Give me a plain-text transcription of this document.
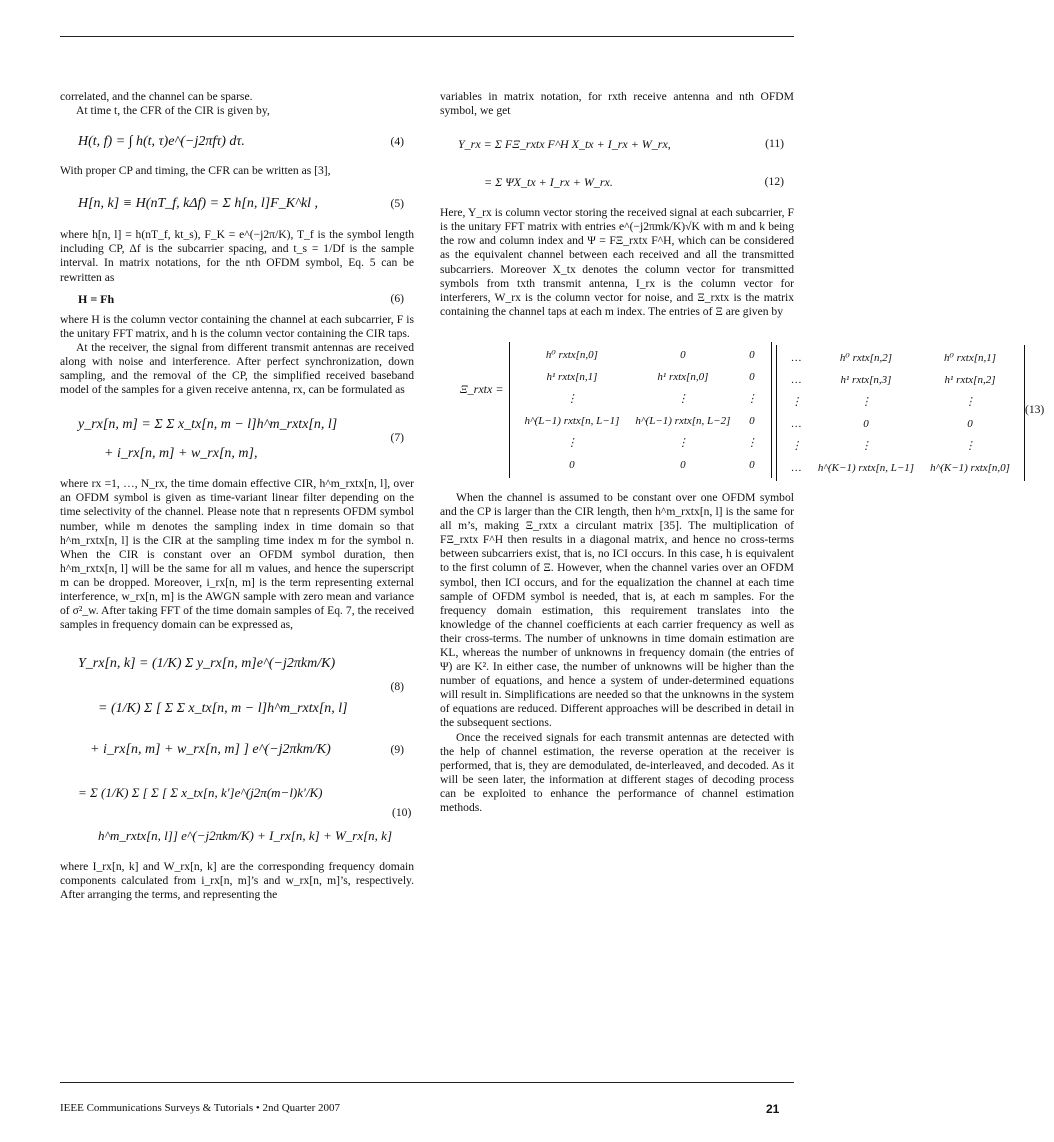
correlated, and the channel can be sparse.

At time t, the CFR of the CIR is given by,

H(t, f) = ∫ h(t, τ)e^(−j2πfτ) dτ.	(4)

With proper CP and timing, the CFR can be written as [3],

H[n, k] ≡ H(nT_f, kΔf) = Σ h[n, l]F_K^kl ,	(5)

where h[n, l] = h(nT_f, kt_s), F_K = e^(−j2π/K), T_f is the symbol length including CP, Δf is the subcarrier spacing, and t_s = 1/Df is the sample interval. In matrix notations, for the nth OFDM symbol, Eq. 5 can be rewritten as

H = Fh	(6)

where H is the column vector containing the channel at each subcarrier, F is the unitary FFT matrix, and h is the column vector containing the CIR taps.

At the receiver, the signal from different transmit antennas are received along with noise and interference. After perfect synchronization, down sampling, and the removal of the CP, the simplified received baseband model of the samples for a given receive antenna, rx, can be formulated as

y_rx[n, m] = Σ Σ x_tx[n, m − l]h^m_rxtx[n, l]
+ i_rx[n, m] + w_rx[n, m],
(7)

where rx =1, …, N_rx, the time domain effective CIR, h^m_rxtx[n, l], over an OFDM symbol is given as time-variant linear filter depending on the time selectivity of the channel. Please note that n represents OFDM symbol number, while m denotes the sampling index in time domain so that h^m_rxtx[n, l] is the CIR at the sampling time index m for the symbol n. When the CIR is constant over an OFDM symbol duration, then h^m_rxtx[n, l] will be the same for all m values, and hence the superscript m can be dropped. Moreover, i_rx[n, m] is the term representing external interference, w_rx[n, m] is the AWGN sample with zero mean and variance of σ²_w. After taking FFT of the time domain samples of Eq. 7, the received samples in frequency domain can be expressed as,

Y_rx[n, k] = (1/K) Σ y_rx[n, m]e^(−j2πkm/K)
= (1/K) Σ [ Σ Σ x_tx[n, m − l]h^m_rxtx[n, l]
(8)
+ i_rx[n, m] + w_rx[n, m] ] e^(−j2πkm/K)	(9)
= Σ (1/K) Σ [ Σ [ Σ x_tx[n, k′]e^(j2π(m−l)k′/K)
h^m_rxtx[n, l]] e^(−j2πkm/K) + I_rx[n, k] + W_rx[n, k]
(10)

where I_rx[n, k] and W_rx[n, k] are the corresponding frequency domain components calculated from i_rx[n, m]’s and w_rx[n, m]’s, respectively. After arranging the terms, and representing the

variables in matrix notation, for rxth receive antenna and nth OFDM symbol, we get

Y_rx = Σ FΞ_rxtx F^H X_tx + I_rx + W_rx,	(11)
= Σ ΨX_tx + I_rx + W_rx.	(12)

Here, Y_rx is column vector storing the received signal at each subcarrier, F is the unitary FFT matrix with entries e^(−j2πmk/K)√K with m and k being the row and column index and Ψ = FΞ_rxtx F^H, which can be considered as the equivalent channel between each received and all the transmitted subcarriers. Moreover X_tx denotes the column vector for transmitted symbols from txth transmit antenna, I_rx is the column vector for interferers, W_rx is the column vector for noise, and Ξ_rxtx is the matrix containing the channel taps at each m index. The entries of Ξ are given by

Ξ_rxtx =
h⁰ rxtx[n,0]	0	0
h¹ rxtx[n,1]	h¹ rxtx[n,0]	0
⋮	⋮	⋮
h^(L−1) rxtx[n, L−1]	h^(L−1) rxtx[n, L−2]	0
⋮	⋮	⋮
0	0	0

…	h⁰ rxtx[n,2]	h⁰ rxtx[n,1]
…	h¹ rxtx[n,3]	h¹ rxtx[n,2]
⋮	⋮	⋮
…	0	0
⋮	⋮	⋮
…	h^(K−1) rxtx[n, L−1]	h^(K−1) rxtx[n,0]
(13)

When the channel is assumed to be constant over one OFDM symbol and the CP is larger than the CIR length, then h^m_rxtx[n, l] is the same for all m’s, making Ξ_rxtx a circulant matrix [35]. The multiplication of FΞ_rxtx F^H then results in a diagonal matrix, and hence no cross-terms between subcarriers exist, that is, no ICI occurs. In this case, h is equivalent to the first column of Ξ. However, when the channel varies over an OFDM symbol, then ICI occurs, and for the equalization the channel at each time sample of OFDM symbol is needed, that is, at each m samples. For the frequency domain estimation, this requirement translates into the knowledge of the channel coefficients at each carrier frequency as well as their cross-terms. The number of unknowns in time domain estimation are KL, whereas the number of unknowns in frequency domain (the entries of Ψ) are K². In either case, the number of unknowns will be higher than the number of equations, and hence a system of under-determined equations will result in. Simplifications are needed so that the unknowns in the system of equations are reduced. Different approaches will be described in detail in the subsequent sections.

Once the received signals for each transmit antennas are detected with the help of channel estimation, the reverse operation at the receiver is performed, that is, they are demodulated, de-interleaved, and decoded. As it will be seen later, the information at different stages of decoding process can be exploited to enhance the performance of channel estimation methods.

IEEE Communications Surveys & Tutorials • 2nd Quarter 2007	21
